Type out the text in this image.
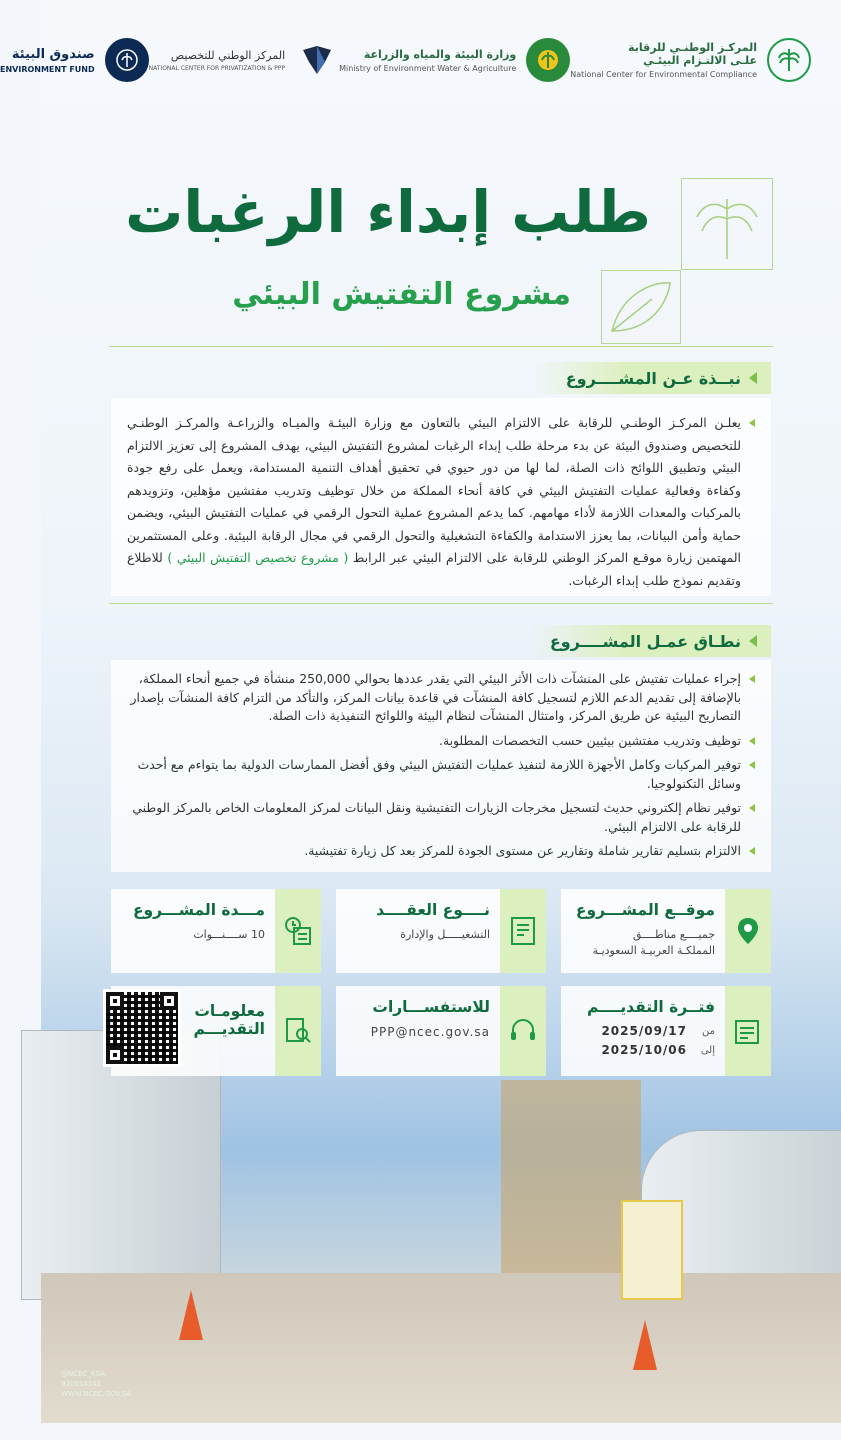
@NCEC_KSA
920014141
WWW.NCEC.GOV.SA
المركـز الوطنـي للرقابة
علـى الالتـزام البيئـي
National Center for Environmental Compliance
وزارة البيئة والمياه والزراعة
Ministry of Environment Water & Agriculture
المركز الوطني للتخصيص
NATIONAL CENTER FOR PRIVATIZATION & PPP
صندوق البيئة
ENVIRONMENT FUND
طلب إبداء الرغبات
مشروع التفتيش البيئي
نبــذة عـن المشــــروع
يعلـن المركـز الوطنـي للرقابة على الالتزام البيئي بالتعاون مع وزارة البيئـة والميـاه والزراعـة والمركـز الوطنـي للتخصيص وصندوق البيئة عن بدء مرحلة طلب إبداء الرغبات لمشروع التفتيش البيئي، يهدف المشروع إلى تعزيز الالتزام البيئي وتطبيق اللوائح ذات الصلة، لما لها من دور حيوي في تحقيق أهداف التنمية المستدامة، ويعمل على رفع جودة وكفاءة وفعالية عمليات التفتيش البيئي في كافة أنحاء المملكة من خلال توظيف وتدريب مفتشين مؤهلين، وتزويدهم بالمركبات والمعدات اللازمة لأداء مهامهم. كما يدعم المشروع عملية التحول الرقمي في عمليات التفتيش البيئي، ويضمن حماية وأمن البيانات، بما يعزز الاستدامة والكفاءة التشغيلية والتحول الرقمي في مجال الرقابة البيئية. وعلى المستثمرين المهتمين زيارة موقـع المركز الوطني للرقابة على الالتزام البيئي عبر الرابط ( مشروع تخصيص التفتيش البيئي ) للاطلاع وتقديم نموذج طلب إبداء الرغبات.
نطـاق عمـل المشــــروع
إجراء عمليات تفتيش على المنشآت ذات الأثر البيئي التي يقدر عددها بحوالي 250,000 منشأة في جميع أنحاء المملكة، بالإضافة إلى تقديم الدعم اللازم لتسجيل كافة المنشآت في قاعدة بيانات المركز، والتأكد من التزام كافة المنشآت بإصدار التصاريح البيئية عن طريق المركز، وامتثال المنشآت لنظام البيئة واللوائح التنفيذية ذات الصلة.
توظيف وتدريب مفتشين بيئيين حسب التخصصات المطلوبة.
توفير المركبات وكامل الأجهزة اللازمة لتنفيذ عمليات التفتيش البيئي وفق أفضل الممارسات الدولية بما يتواءم مع أحدث وسائل التكنولوجيا.
توفير نظام إلكتروني حديث لتسجيل مخرجات الزيارات التفتيشية ونقل البيانات لمركز المعلومات الخاص بالمركز الوطني للرقابة على الالتزام البيئي.
الالتزام بتسليم تقارير شاملة وتقارير عن مستوى الجودة للمركز بعد كل زيارة تفتيشية.
موقــع المشـــروع
جميــــع مناطــــق
المملكـة العربيـة السعوديـة
نــــوع العقــــد
التشغيـــــل والإدارة
مـــدة المشـــروع
10 ســــنـــوات
فتــرة التقديــــم
من
2025/09/17
إلى
2025/10/06
للاستفســـارات
PPP@ncec.gov.sa
معلومـات
التقديـــم
